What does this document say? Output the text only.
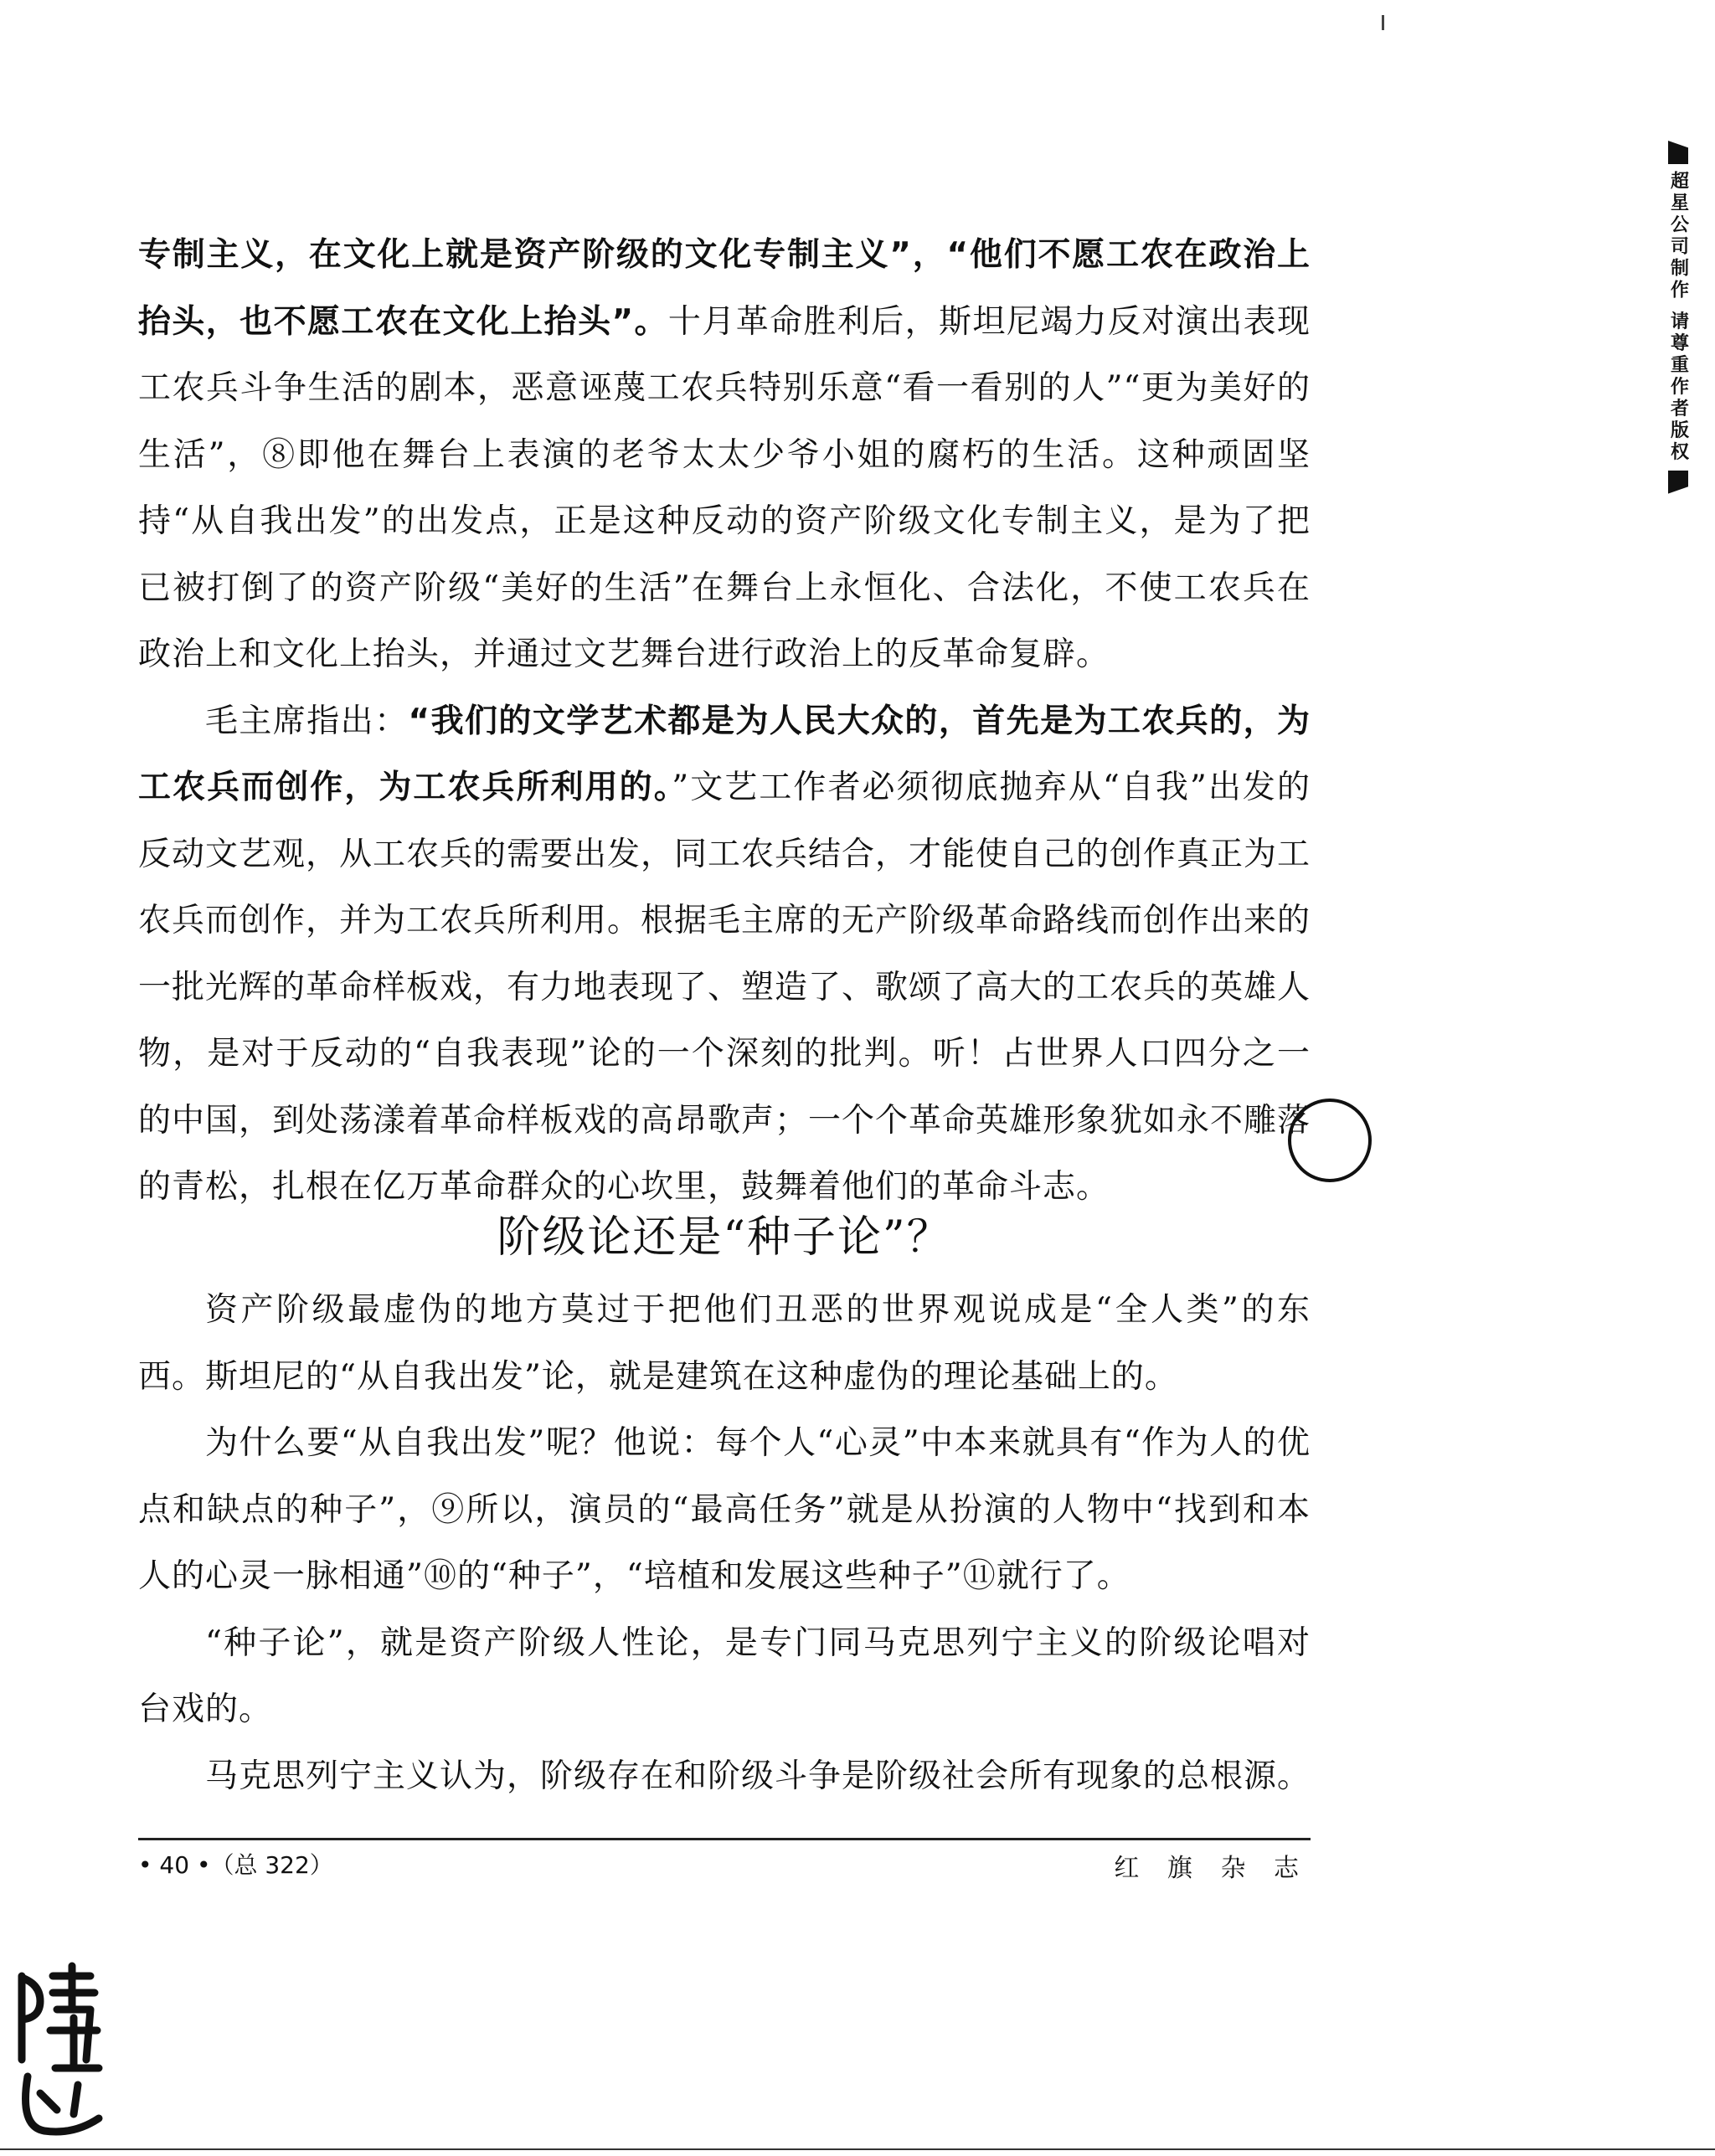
超星公司制作 请尊重作者版权

专制主义，在文化上就是资产阶级的文化专制主义”，“他们不愿工农在政治上抬头，也不愿工农在文化上抬头”。十月革命胜利后，斯坦尼竭力反对演出表现工农兵斗争生活的剧本，恶意诬蔑工农兵特别乐意“看一看别的人”“更为美好的生活”，⑧即他在舞台上表演的老爷太太少爷小姐的腐朽的生活。这种顽固坚持“从自我出发”的出发点，正是这种反动的资产阶级文化专制主义，是为了把已被打倒了的资产阶级“美好的生活”在舞台上永恒化、合法化，不使工农兵在政治上和文化上抬头，并通过文艺舞台进行政治上的反革命复辟。

毛主席指出：“我们的文学艺术都是为人民大众的，首先是为工农兵的，为工农兵而创作，为工农兵所利用的。”文艺工作者必须彻底抛弃从“自我”出发的反动文艺观，从工农兵的需要出发，同工农兵结合，才能使自己的创作真正为工农兵而创作，并为工农兵所利用。根据毛主席的无产阶级革命路线而创作出来的一批光辉的革命样板戏，有力地表现了、塑造了、歌颂了高大的工农兵的英雄人物，是对于反动的“自我表现”论的一个深刻的批判。听！占世界人口四分之一的中国，到处荡漾着革命样板戏的高昂歌声；一个个革命英雄形象犹如永不雕落的青松，扎根在亿万革命群众的心坎里，鼓舞着他们的革命斗志。

阶级论还是“种子论”？

资产阶级最虚伪的地方莫过于把他们丑恶的世界观说成是“全人类”的东西。斯坦尼的“从自我出发”论，就是建筑在这种虚伪的理论基础上的。

为什么要“从自我出发”呢？他说：每个人“心灵”中本来就具有“作为人的优点和缺点的种子”，⑨所以，演员的“最高任务”就是从扮演的人物中“找到和本人的心灵一脉相通”⑩的“种子”，“培植和发展这些种子”⑪就行了。

“种子论”，就是资产阶级人性论，是专门同马克思列宁主义的阶级论唱对台戏的。

马克思列宁主义认为，阶级存在和阶级斗争是阶级社会所有现象的总根源。

• 40 •（总 322）	红 旗 杂 志
